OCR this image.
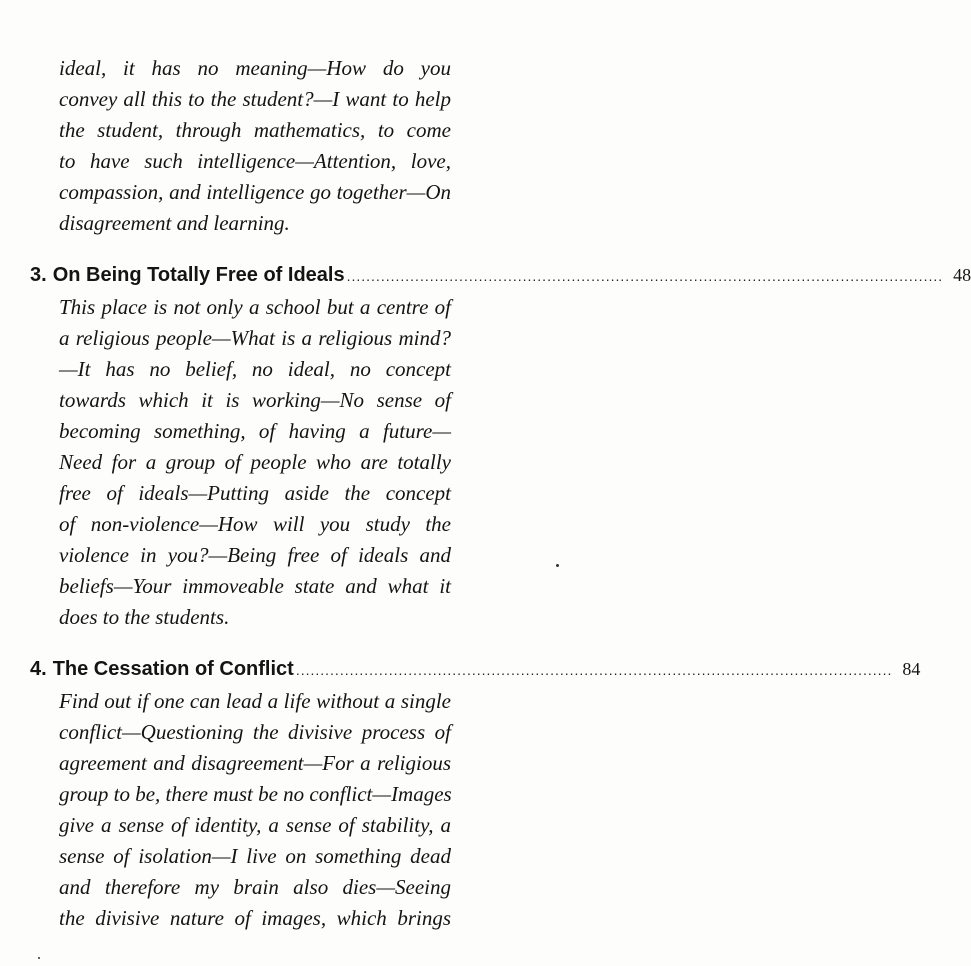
ideal, it has no meaning—How do you
convey all this to the student?—I want to help
the student, through mathematics, to come
to have such intelligence—Attention, love,
compassion, and intelligence go together—On
disagreement and learning.
3. On Being Totally Free of Ideals .......................................................................................................................... 48
This place is not only a school but a centre of
a religious people—What is a religious mind?
—It has no belief, no ideal, no concept
towards which it is working—No sense of
becoming something, of having a future—
Need for a group of people who are totally
free of ideals—Putting aside the concept
of non-violence—How will you study the
violence in you?—Being free of ideals and
beliefs—Your immoveable state and what it
does to the students.
4. The Cessation of Conflict .......................................................................................................................... 84
Find out if one can lead a life without a single
conflict—Questioning the divisive process of
agreement and disagreement—For a religious
group to be, there must be no conflict—Images
give a sense of identity, a sense of stability, a
sense of isolation—I live on something dead
and therefore my brain also dies—Seeing
the divisive nature of images, which brings
